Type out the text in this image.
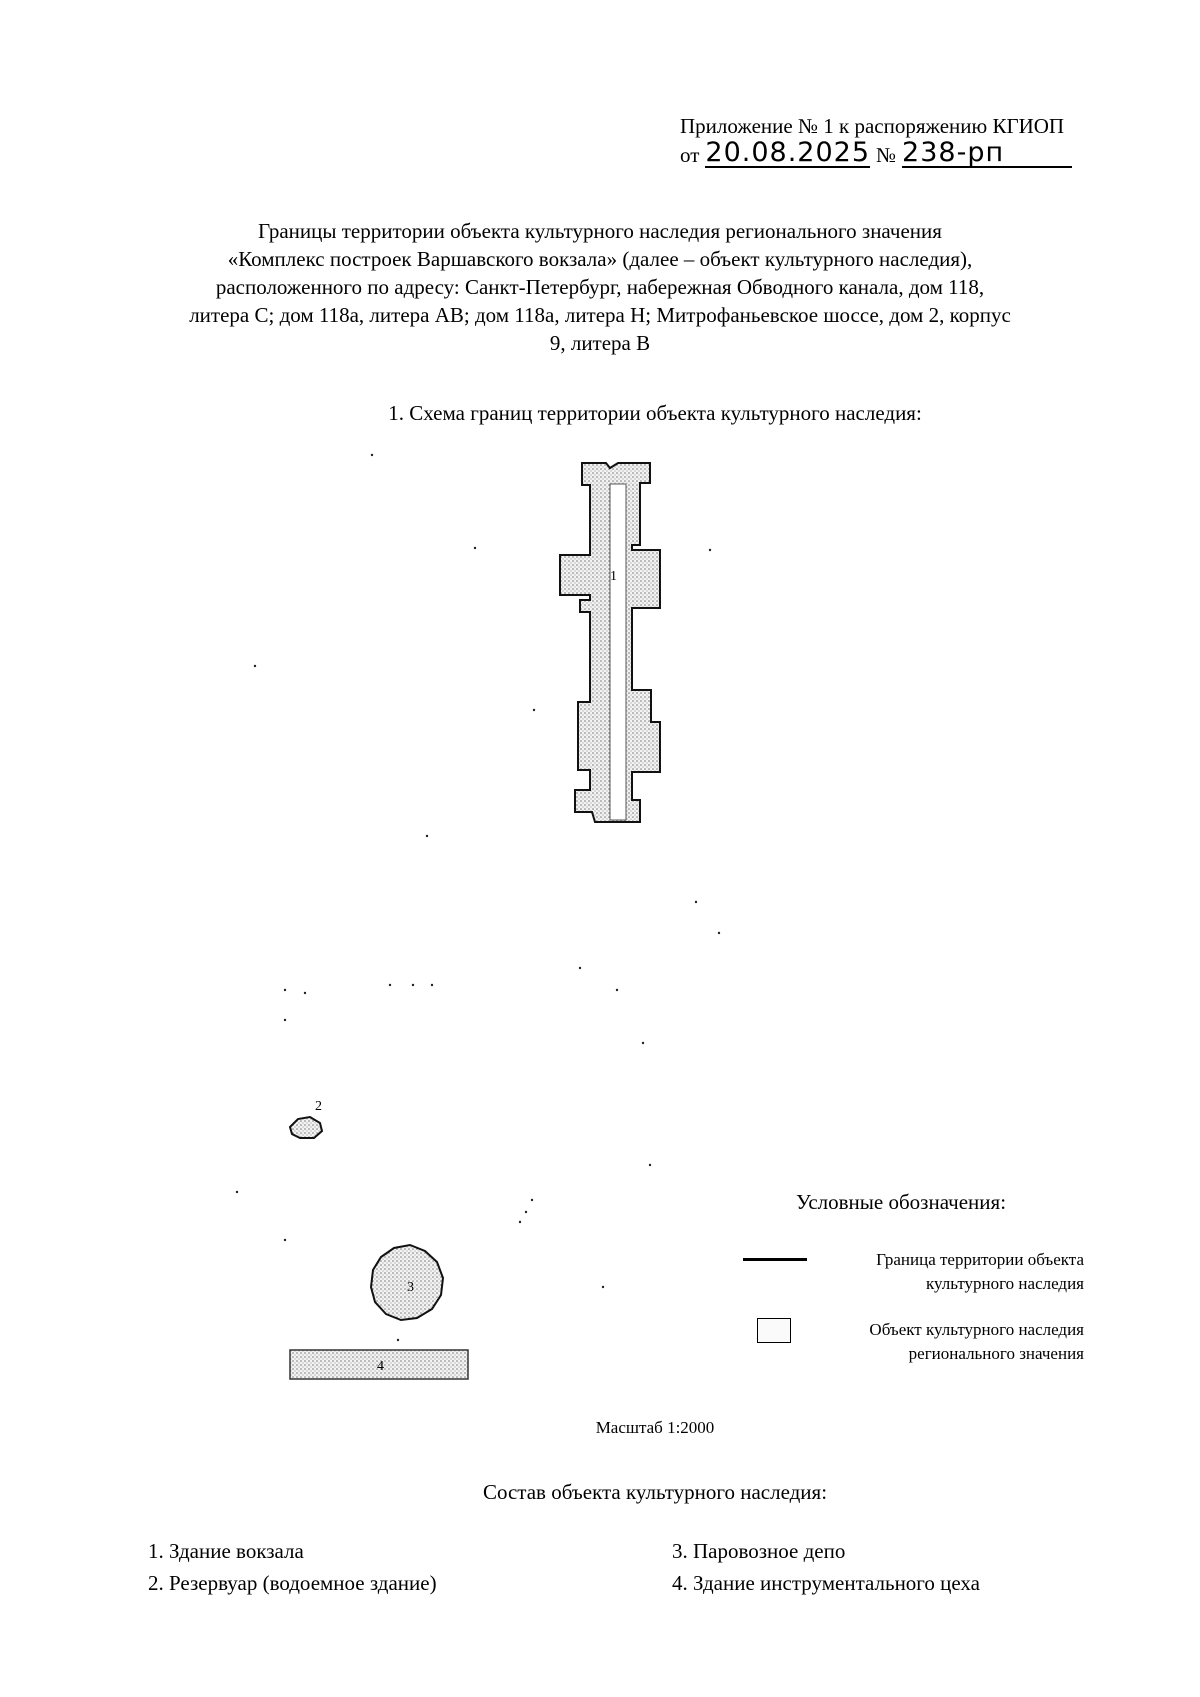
Приложение № 1 к распоряжению КГИОП
от 20.08.2025 № 238-рп
Границы территории объекта культурного наследия регионального значения
«Комплекс построек Варшавского вокзала» (далее – объект культурного наследия),
расположенного по адресу: Санкт-Петербург, набережная Обводного канала, дом 118,
литера С; дом 118а, литера АВ; дом 118а, литера Н; Митрофаньевское шоссе, дом 2, корпус
9, литера В
1. Схема границ территории объекта культурного наследия:
1
2
3
4
Условные обозначения:
Граница территории объекта
культурного наследия
Объект культурного наследия
регионального значения
Масштаб 1:2000
Состав объекта культурного наследия:
1. Здание вокзала
2. Резервуар (водоемное здание)
3. Паровозное депо
4. Здание инструментального цеха
